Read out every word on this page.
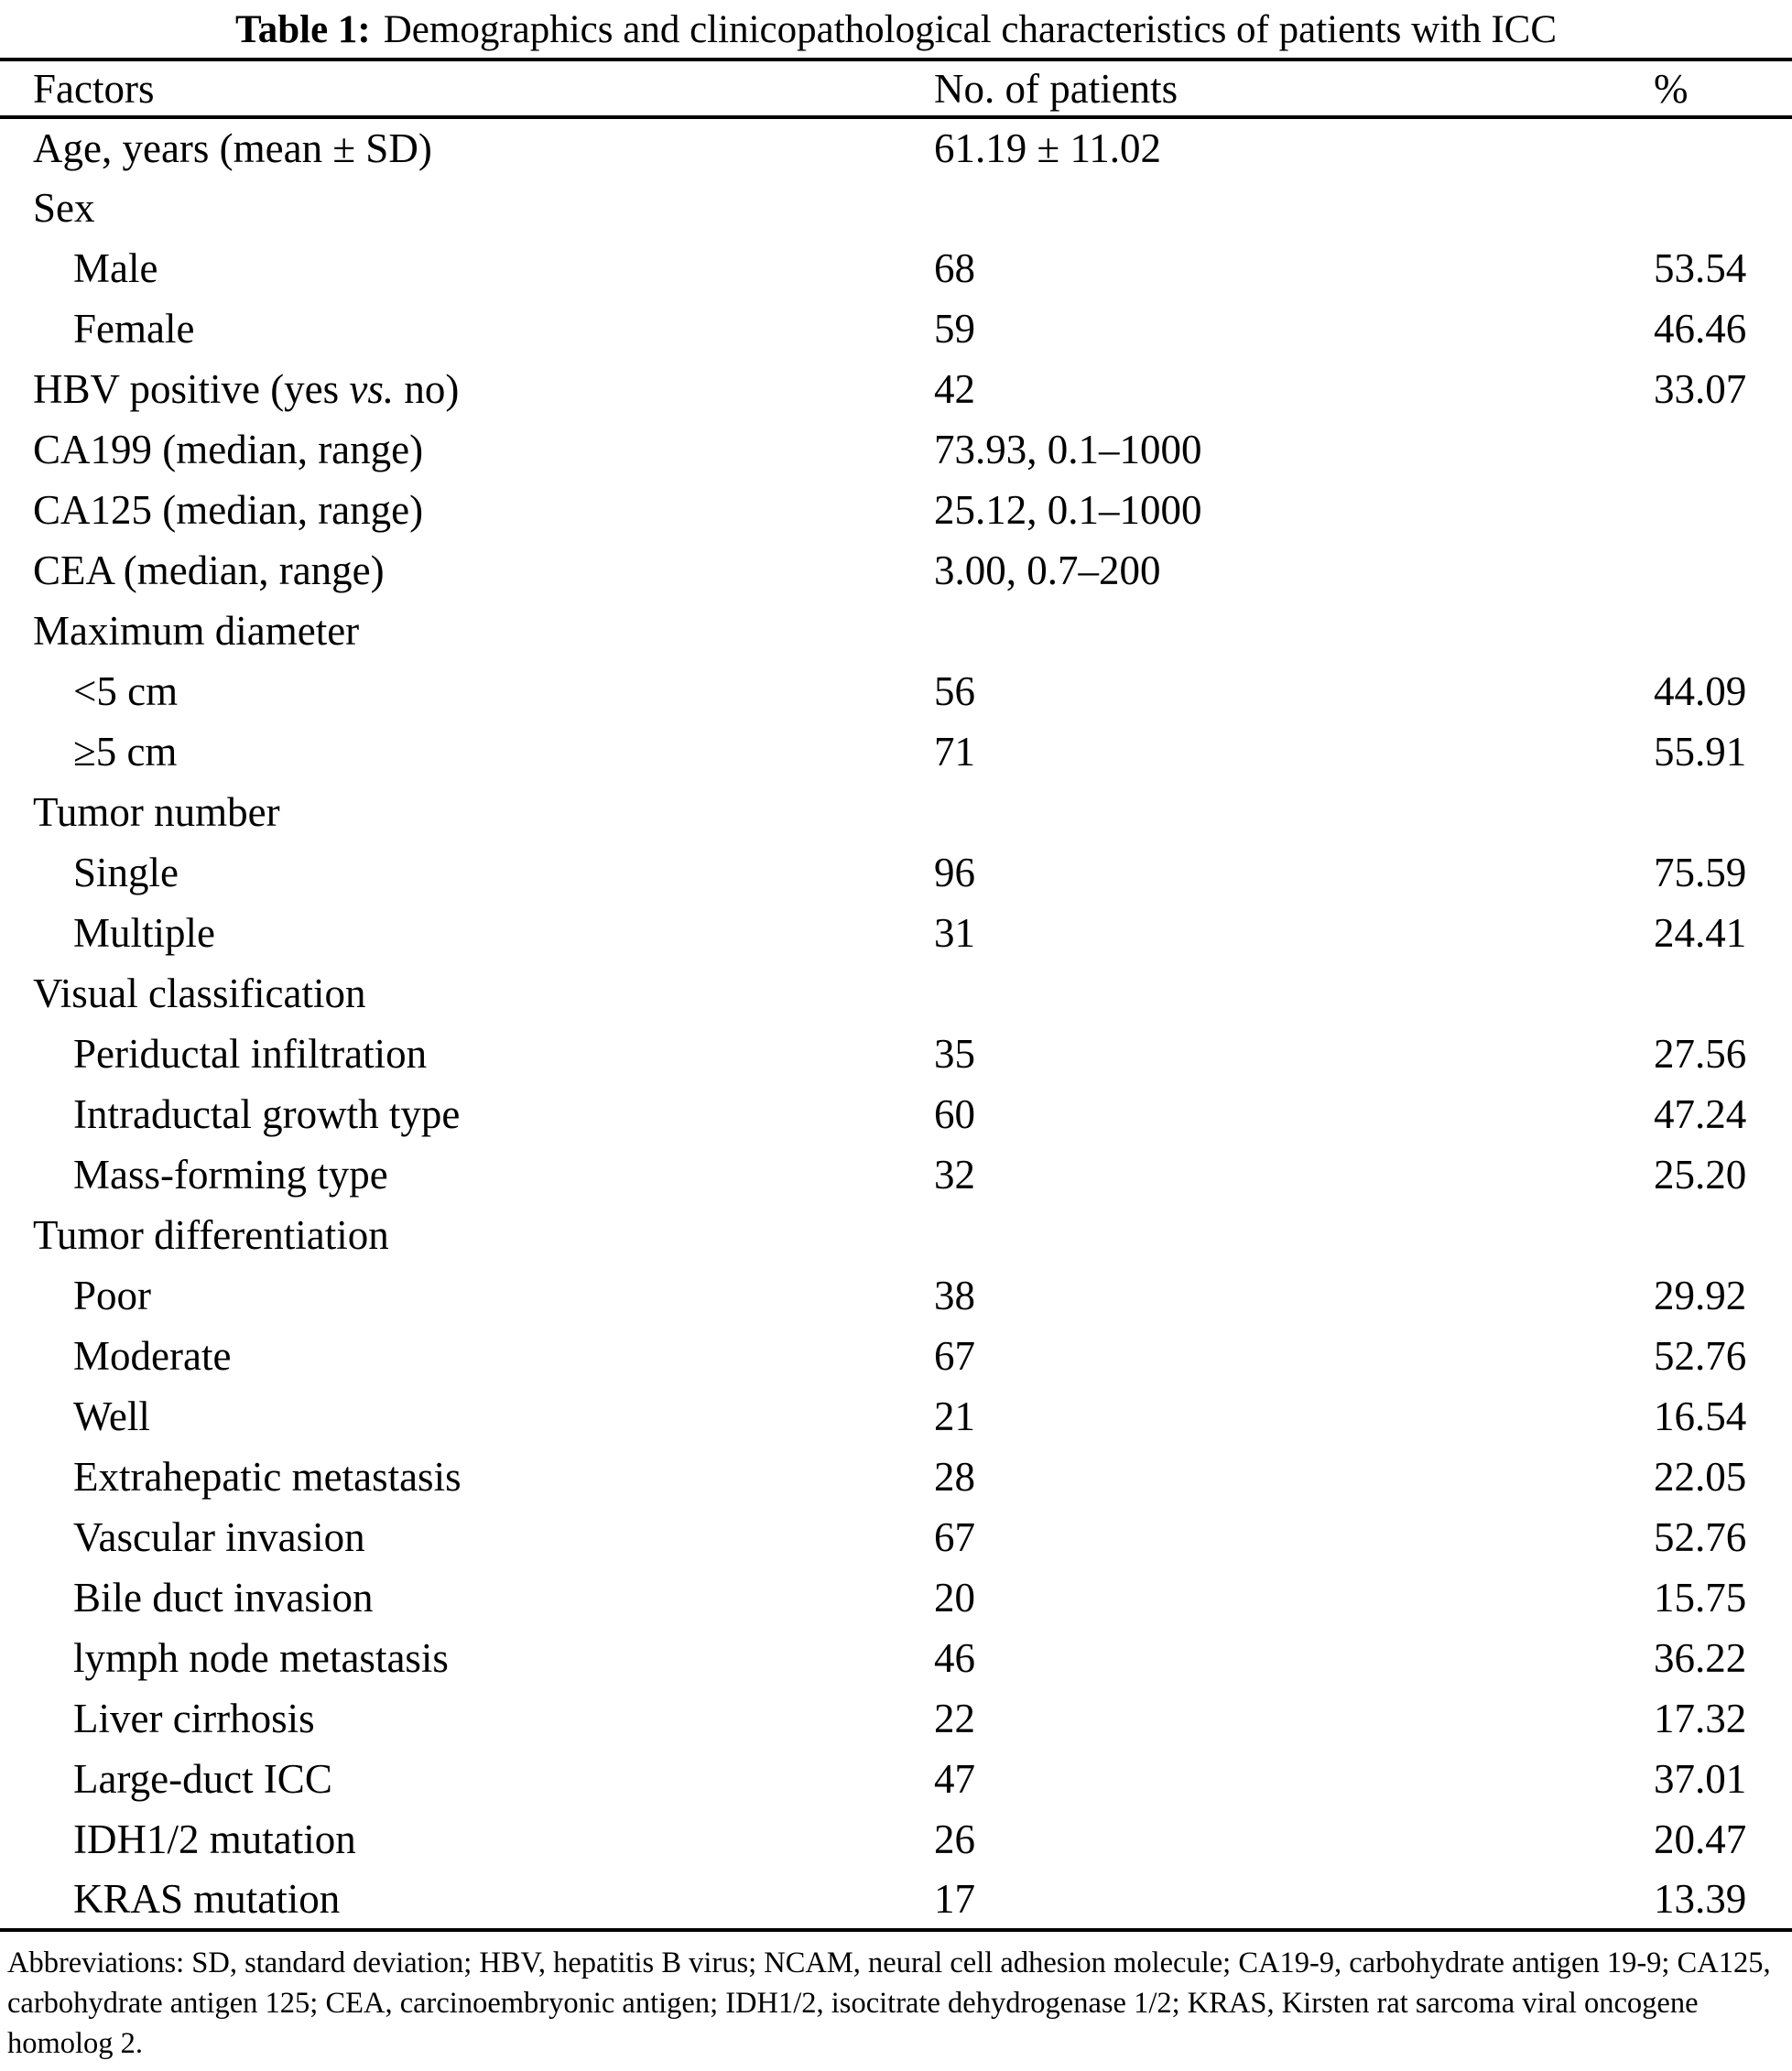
Table 1: Demographics and clinicopathological characteristics of patients with ICC
Factors	No. of patients	%
Age, years (mean ± SD)	61.19 ± 11.02	
Sex		
Male	68	53.54
Female	59	46.46
HBV positive (yes vs. no)	42	33.07
CA199 (median, range)	73.93, 0.1–1000	
CA125 (median, range)	25.12, 0.1–1000	
CEA (median, range)	3.00, 0.7–200	
Maximum diameter		
<5 cm	56	44.09
≥5 cm	71	55.91
Tumor number		
Single	96	75.59
Multiple	31	24.41
Visual classification		
Periductal infiltration	35	27.56
Intraductal growth type	60	47.24
Mass-forming type	32	25.20
Tumor differentiation		
Poor	38	29.92
Moderate	67	52.76
Well	21	16.54
Extrahepatic metastasis	28	22.05
Vascular invasion	67	52.76
Bile duct invasion	20	15.75
lymph node metastasis	46	36.22
Liver cirrhosis	22	17.32
Large-duct ICC	47	37.01
IDH1/2 mutation	26	20.47
KRAS mutation	17	13.39
Abbreviations: SD, standard deviation; HBV, hepatitis B virus; NCAM, neural cell adhesion molecule; CA19-9, carbohydrate antigen 19-9; CA125,
carbohydrate antigen 125; CEA, carcinoembryonic antigen; IDH1/2, isocitrate dehydrogenase 1/2; KRAS, Kirsten rat sarcoma viral oncogene
homolog 2.
